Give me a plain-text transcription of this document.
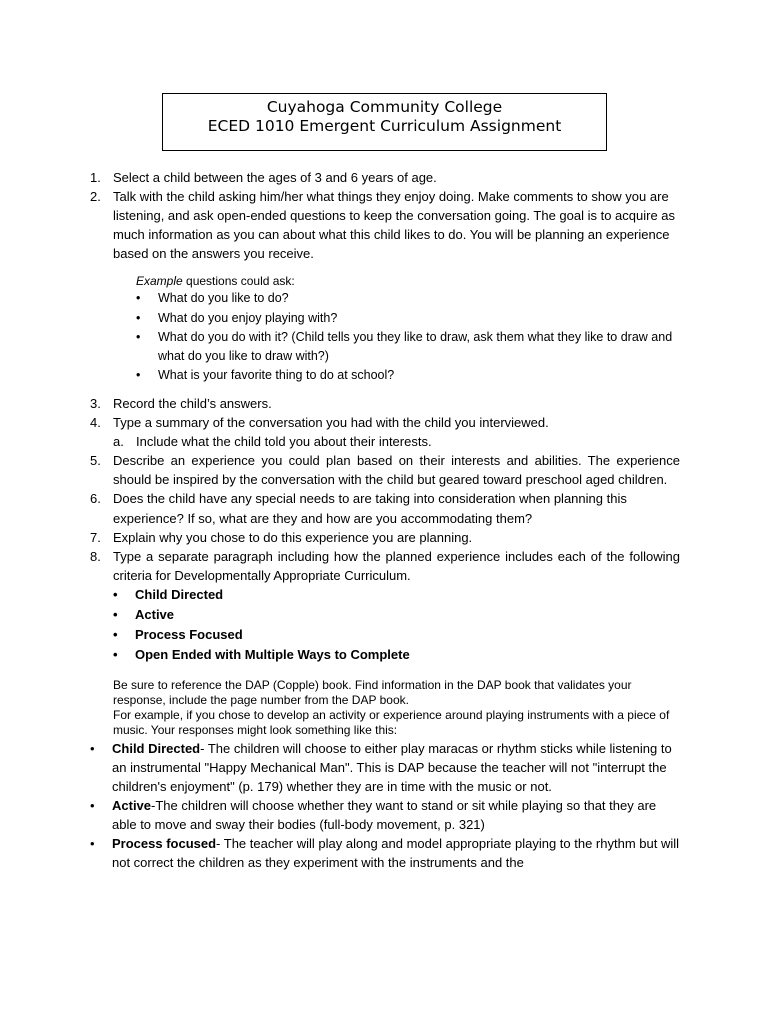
Cuyahoga Community College
ECED 1010 Emergent Curriculum Assignment
1. Select a child between the ages of 3 and 6 years of age.
2. Talk with the child asking him/her what things they enjoy doing. Make comments to show you are listening, and ask open-ended questions to keep the conversation going. The goal is to acquire as much information as you can about what this child likes to do. You will be planning an experience based on the answers you receive.
Example questions could ask:
• What do you like to do?
• What do you enjoy playing with?
• What do you do with it? (Child tells you they like to draw, ask them what they like to draw and what do you like to draw with?)
• What is your favorite thing to do at school?
3. Record the child’s answers.
4. Type a summary of the conversation you had with the child you interviewed.
a. Include what the child told you about their interests.
5. Describe an experience you could plan based on their interests and abilities. The experience should be inspired by the conversation with the child but geared toward preschool aged children.
6. Does the child have any special needs to are taking into consideration when planning this experience? If so, what are they and how are you accommodating them?
7. Explain why you chose to do this experience you are planning.
8. Type a separate paragraph including how the planned experience includes each of the following criteria for Developmentally Appropriate Curriculum.
• Child Directed
• Active
• Process Focused
• Open Ended with Multiple Ways to Complete
Be sure to reference the DAP (Copple) book. Find information in the DAP book that validates your response, include the page number from the DAP book.
For example, if you chose to develop an activity or experience around playing instruments with a piece of music. Your responses might look something like this:
• Child Directed- The children will choose to either play maracas or rhythm sticks while listening to an instrumental "Happy Mechanical Man". This is DAP because the teacher will not "interrupt the children's enjoyment" (p. 179) whether they are in time with the music or not.
• Active-The children will choose whether they want to stand or sit while playing so that they are able to move and sway their bodies (full-body movement, p. 321)
• Process focused- The teacher will play along and model appropriate playing to the rhythm but will not correct the children as they experiment with the instruments and the
